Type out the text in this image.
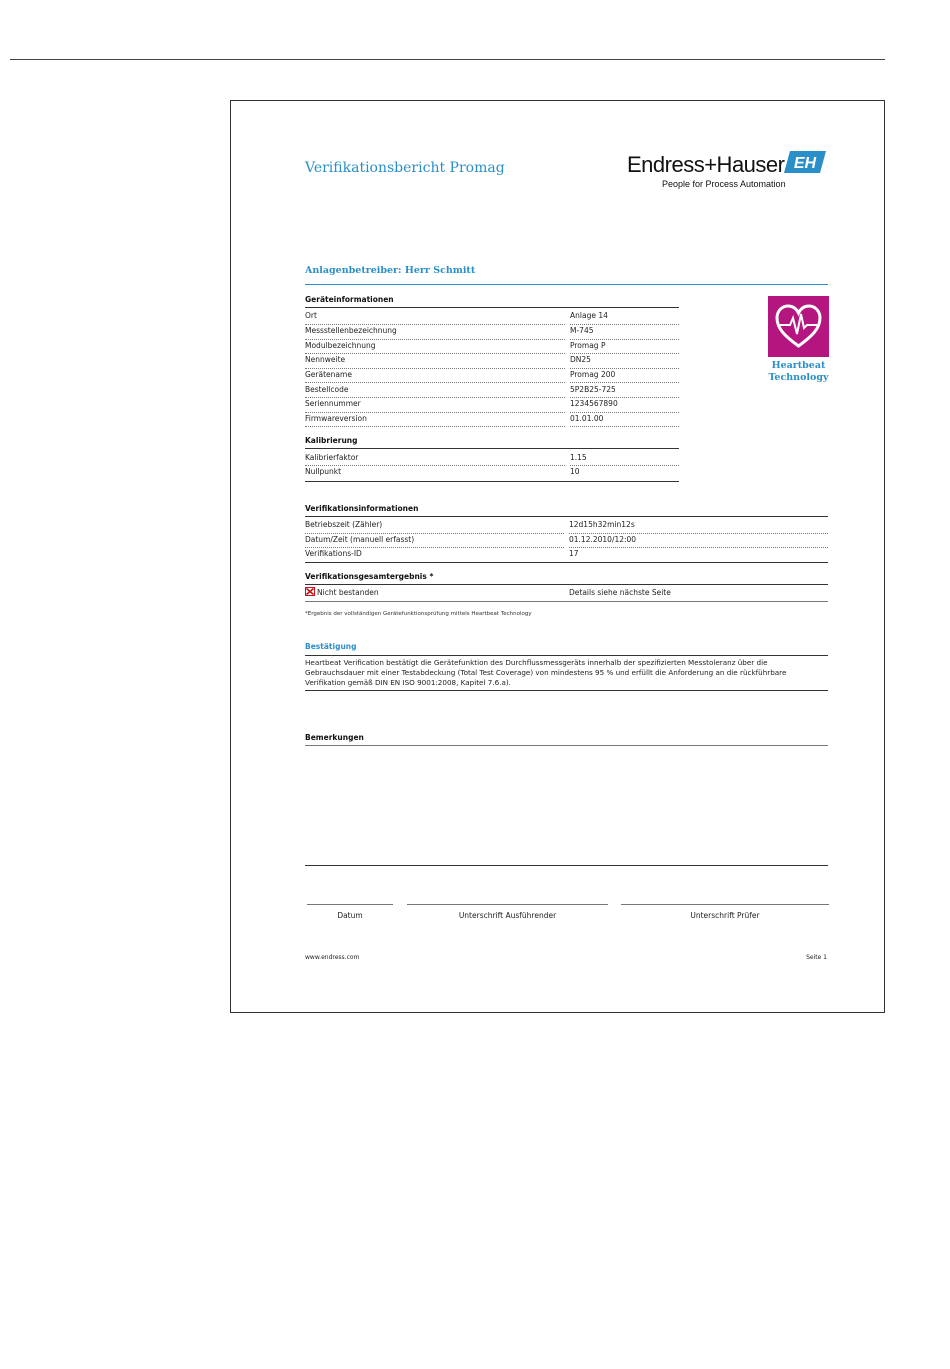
Verifikationsbericht Promag	Endress+Hauser
People for Process Automation
EH
Anlagenbetreiber: Herr Schmitt
Heartbeat
Technology
Geräteinformationen
Ort	Anlage 14
Messstellenbezeichnung	M-745
Modulbezeichnung	Promag P
Nennweite	DN25
Gerätename	Promag 200
Bestellcode	5P2B25-725
Seriennummer	1234567890
Firmwareversion	01.01.00
Kalibrierung
Kalibrierfaktor	1.15
Nullpunkt	10
Verifikationsinformationen
Betriebszeit (Zähler)	12d15h32min12s
Datum/Zeit (manuell erfasst)	01.12.2010/12:00
Verifikations-ID	17
Verifikationsgesamtergebnis *
Nicht bestanden	Details siehe nächste Seite
*Ergebnis der vollständigen Gerätefunktionsprüfung mittels Heartbeat Technology
Bestätigung
Heartbeat Verification bestätigt die Gerätefunktion des Durchflussmessgeräts innerhalb der spezifizierten Messtoleranz über die Gebrauchsdauer mit einer Testabdeckung (Total Test Coverage) von mindestens 95 % und erfüllt die Anforderung an die rückführbare Verifikation gemäß DIN EN ISO 9001:2008, Kapitel 7.6.a).
Bemerkungen
Datum	Unterschrift Ausführender	Unterschrift Prüfer
www.endress.com	Seite 1
